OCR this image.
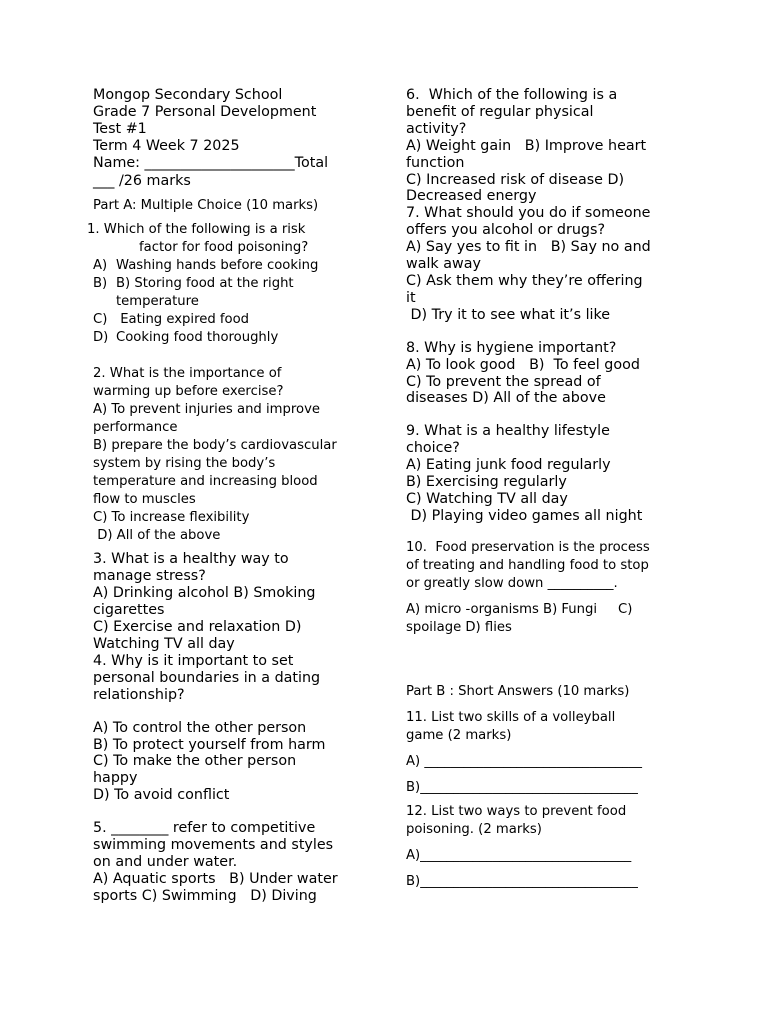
Mongop Secondary School
Grade 7 Personal Development
Test #1
Term 4 Week 7 2025
Name: _____________________Total
___ /26 marks
Part A: Multiple Choice (10 marks)
1. Which of the following is a risk
factor for food poisoning?
A) Washing hands before cooking
B) B) Storing food at the right temperature
C) Eating expired food
D) Cooking food thoroughly
2. What is the importance of
warming up before exercise?
A) To prevent injuries and improve
performance
B) prepare the body’s cardiovascular
system by rising the body’s
temperature and increasing blood
flow to muscles
C) To increase flexibility
D) All of the above
3. What is a healthy way to
manage stress?
A) Drinking alcohol B) Smoking
cigarettes
C) Exercise and relaxation D)
Watching TV all day
4. Why is it important to set
personal boundaries in a dating
relationship?
A) To control the other person
B) To protect yourself from harm
C) To make the other person
happy
D) To avoid conflict
5. ________ refer to competitive
swimming movements and styles
on and under water.
A) Aquatic sports   B) Under water
sports C) Swimming   D) Diving
6.  Which of the following is a
benefit of regular physical
activity?
A) Weight gain   B) Improve heart
function
C) Increased risk of disease D)
Decreased energy
7. What should you do if someone
offers you alcohol or drugs?
A) Say yes to fit in   B) Say no and
walk away
C) Ask them why they’re offering
it
D) Try it to see what it’s like
8. Why is hygiene important?
A) To look good   B)  To feel good
C) To prevent the spread of
diseases D) All of the above
9. What is a healthy lifestyle
choice?
A) Eating junk food regularly
B) Exercising regularly
C) Watching TV all day
D) Playing video games all night
10.  Food preservation is the process
of treating and handling food to stop
or greatly slow down __________.
A) micro -organisms B) Fungi     C)
spoilage D) flies
Part B : Short Answers (10 marks)
11. List two skills of a volleyball
game (2 marks)
A) _________________________________
B)_________________________________
12. List two ways to prevent food
poisoning. (2 marks)
A)________________________________
B)_________________________________
